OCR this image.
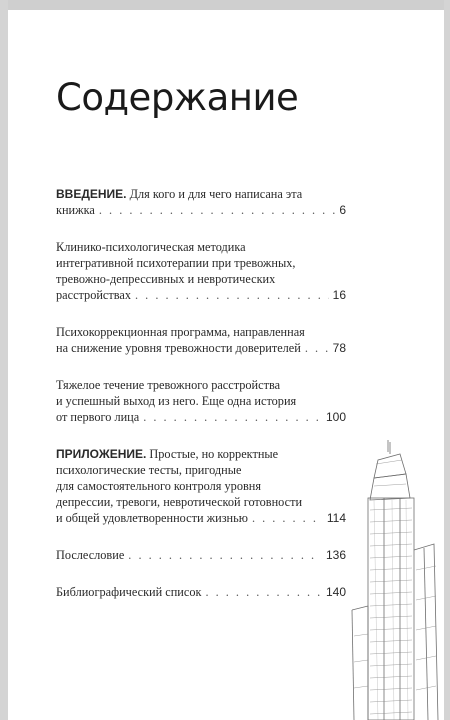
Содержание
ВВЕДЕНИЕ. Для кого и для чего написана эта
книжка . . .	6
Клинико-психологическая методика
интегративной психотерапии при тревожных,
тревожно-депрессивных и невротических
расстройствах . . .	16
Психокоррекционная программа, направленная
на снижение уровня тревожности доверителей . . .	78
Тяжелое течение тревожного расстройства
и успешный выход из него. Еще одна история
от первого лица . . .	100
ПРИЛОЖЕНИЕ. Простые, но корректные
психологические тесты, пригодные
для самостоятельного контроля уровня
депрессии, тревоги, невротической готовности
и общей удовлетворенности жизнью . . .	114
Послесловие . . .	136
Библиографический список . . .	140
